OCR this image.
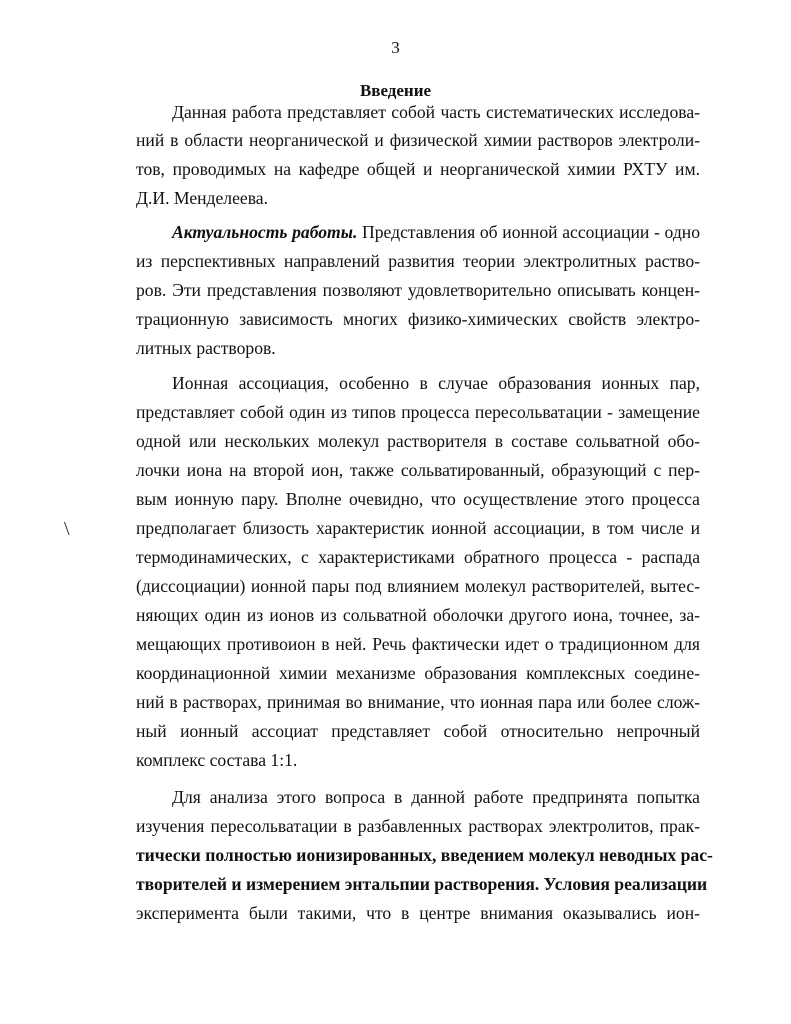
3
Введение
Данная работа представляет собой часть систематических исследова-
ний в области неорганической и физической химии растворов электроли-
тов, проводимых на кафедре общей и неорганической химии РХТУ им.
Д.И. Менделеева.
Актуальность работы. Представления об ионной ассоциации - одно
из перспективных направлений развития теории электролитных раство-
ров. Эти представления позволяют удовлетворительно описывать концен-
трационную зависимость многих физико-химических свойств электро-
литных растворов.
Ионная ассоциация, особенно в случае образования ионных пар,
представляет собой один из типов процесса пересольватации - замещение
одной или нескольких молекул растворителя в составе сольватной обо-
лочки иона на второй ион, также сольватированный, образующий с пер-
вым ионную пару. Вполне очевидно, что осуществление этого процесса
предполагает близость характеристик ионной ассоциации, в том числе и
термодинамических, с характеристиками обратного процесса - распада
(диссоциации) ионной пары под влиянием молекул растворителей, вытес-
няющих один из ионов из сольватной оболочки другого иона, точнее, за-
мещающих противоион в ней. Речь фактически идет о традиционном для
координационной химии механизме образования комплексных соедине-
ний в растворах, принимая во внимание, что ионная пара или более слож-
ный ионный ассоциат представляет собой относительно непрочный
комплекс состава 1:1.
Для анализа этого вопроса в данной работе предпринята попытка
изучения пересольватации в разбавленных растворах электролитов, прак-
тически полностью ионизированных, введением молекул неводных рас-
творителей и измерением энтальпии растворения. Условия реализации
эксперимента были такими, что в центре внимания оказывались ион-
\
